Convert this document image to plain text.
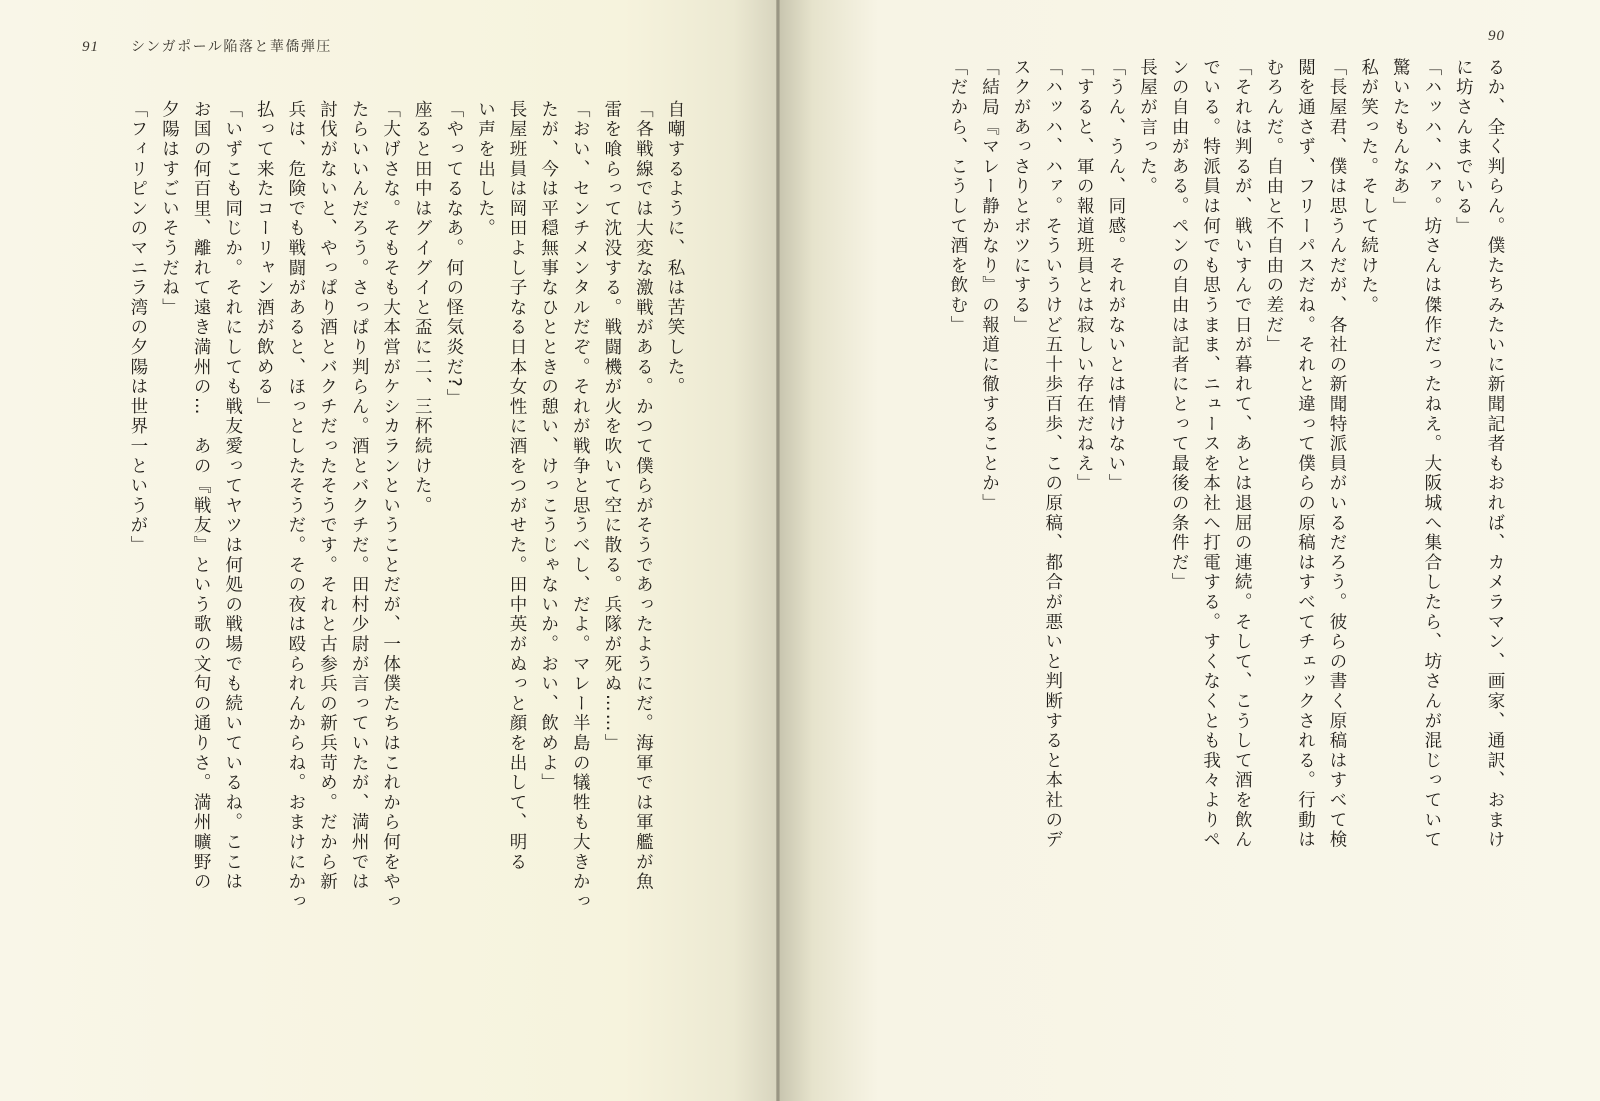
91 シンガポール陥落と華僑弾圧

自嘲するように、私は苦笑した。

「各戦線では大変な激戦がある。かつて僕らがそうであったようにだ。海軍では軍艦が魚

雷を喰らって沈没する。戦闘機が火を吹いて空に散る。兵隊が死ぬ……」

「おい、センチメンタルだぞ。それが戦争と思うべし、だよ。マレー半島の犠牲も大きかっ

たが、今は平穏無事なひとときの憩い、けっこうじゃないか。おい、飲めよ」

長屋班員は岡田よし子なる日本女性に酒をつがせた。田中英がぬっと顔を出して、明る

い声を出した。

「やってるなあ。何の怪気炎だ?」

座ると田中はグイグイと盃に二、三杯続けた。

「大げさな。そもそも大本営がケシカランということだが、一体僕たちはこれから何をやっ

たらいいんだろう。さっぱり判らん。酒とバクチだ。田村少尉が言っていたが、満州では

討伐がないと、やっぱり酒とバクチだったそうです。それと古参兵の新兵苛め。だから新

兵は、危険でも戦闘があると、ほっとしたそうだ。その夜は殴られんからね。おまけにかっ

払って来たコーリャン酒が飲める」

「いずこも同じか。それにしても戦友愛ってヤツは何処の戦場でも続いているね。ここは

お国の何百里、離れて遠き満州の…　あの『戦友』という歌の文句の通りさ。満州曠野の

夕陽はすごいそうだね」

「フィリピンのマニラ湾の夕陽は世界一というが」

90

るか、全く判らん。僕たちみたいに新聞記者もおれば、カメラマン、画家、通訳、おまけ

に坊さんまでいる」

「ハッハ、ハァ。坊さんは傑作だったねえ。大阪城へ集合したら、坊さんが混じっていて

驚いたもんなあ」

私が笑った。そして続けた。

「長屋君、僕は思うんだが、各社の新聞特派員がいるだろう。彼らの書く原稿はすべて検

閲を通さず、フリーパスだね。それと違って僕らの原稿はすべてチェックされる。行動は

むろんだ。自由と不自由の差だ」

「それは判るが、戦いすんで日が暮れて、あとは退屈の連続。そして、こうして酒を飲ん

でいる。特派員は何でも思うまま、ニュースを本社へ打電する。すくなくとも我々よりペ

ンの自由がある。ペンの自由は記者にとって最後の条件だ」

長屋が言った。

「うん、うん、同感。それがないとは情けない」

「すると、軍の報道班員とは寂しい存在だねえ」

「ハッハ、ハァ。そういうけど五十歩百歩、この原稿、都合が悪いと判断すると本社のデ

スクがあっさりとボツにする」

「結局『マレー静かなり』の報道に徹することか」

「だから、こうして酒を飲む」
